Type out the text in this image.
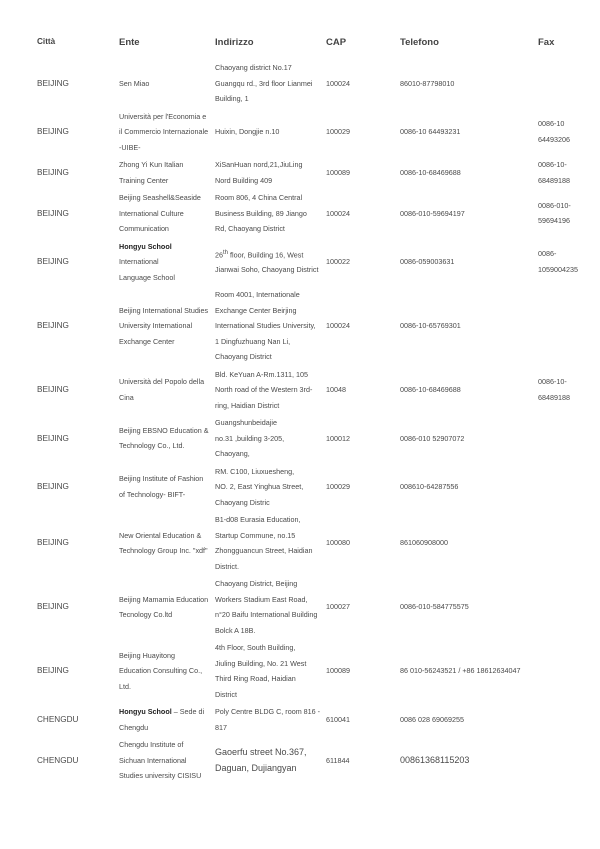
Città	Ente	Indirizzo	CAP	Telefono	Fax
BEIJING	Sen Miao	Chaoyang district No.17
Guangqu rd., 3rd floor Lianmei
Building, 1	100024	86010-87798010	
BEIJING	Università per l'Economia e
il Commercio Internazionale
-UIBE-	Huixin, Dongjie n.10	100029	0086-10 64493231	0086-10
64493206
BEIJING	Zhong Yi Kun Italian
Training Center	XiSanHuan nord,21,JiuLing
Nord Building 409	100089	0086-10-68469688	0086-10-
68489188
BEIJING	Beijing Seashell&Seaside
International Culture
Communication	Room 806, 4 China Central
Business Building, 89 Jiango
Rd, Chaoyang District	100024	0086-010-59694197	0086-010-
59694196
BEIJING	Hongyu School International
Language School	26th floor, Building 16, West
Jianwai Soho, Chaoyang District	100022	0086-059003631	0086-
1059004235
BEIJING	Beijing International Studies
University International
Exchange Center	Room 4001, Internationale
Exchange Center Beirjing
International Studies University,
1 Dingfuzhuang Nan Li,
Chaoyang District	100024	0086-10-65769301	
BEIJING	Università del Popolo della
Cina	Bld. KeYuan A-Rm.1311, 105
North road of the Western 3rd-
ring, Haidian District	10048	0086-10-68469688	0086-10-
68489188
BEIJING	Beijing EBSNO Education &
Technology Co., Ltd.	Guangshunbeidajie
no.31 ,building 3-205,
Chaoyang,	100012	0086-010 52907072	
BEIJING	Beijing Institute of Fashion
of Technology- BIFT-	RM. C100, Liuxuesheng,
NO. 2, East Yinghua Street,
Chaoyang Distric	100029	008610-64287556	
BEIJING	New Oriental Education &
Technology Group Inc. "xdf"	B1-d08 Eurasia Education,
Startup Commune, no.15
Zhongguancun Street, Haidian
District.	100080	861060908000	
BEIJING	Beijing Mamamia Education
Tecnology Co.ltd	Chaoyang District, Beijing
Workers Stadium East Road,
n°20 Baifu International Building
Bolck A 18B.	100027	0086-010-584775575	
BEIJING	Beijing Huayitong
Education Consulting Co.,
Ltd.	4th Floor, South Building,
Jiuling Building, No. 21 West
Third Ring Road, Haidian
District	100089	86 010-56243521 / +86 18612634047	
CHENGDU	Hongyu School – Sede di
Chengdu	Poly Centre BLDG C, room 816 -
817	610041	0086 028 69069255	
CHENGDU	Chengdu Institute of
Sichuan International
Studies university CISISU	Gaoerfu street No.367,
Daguan, Dujiangyan	611844	00861368115203	
